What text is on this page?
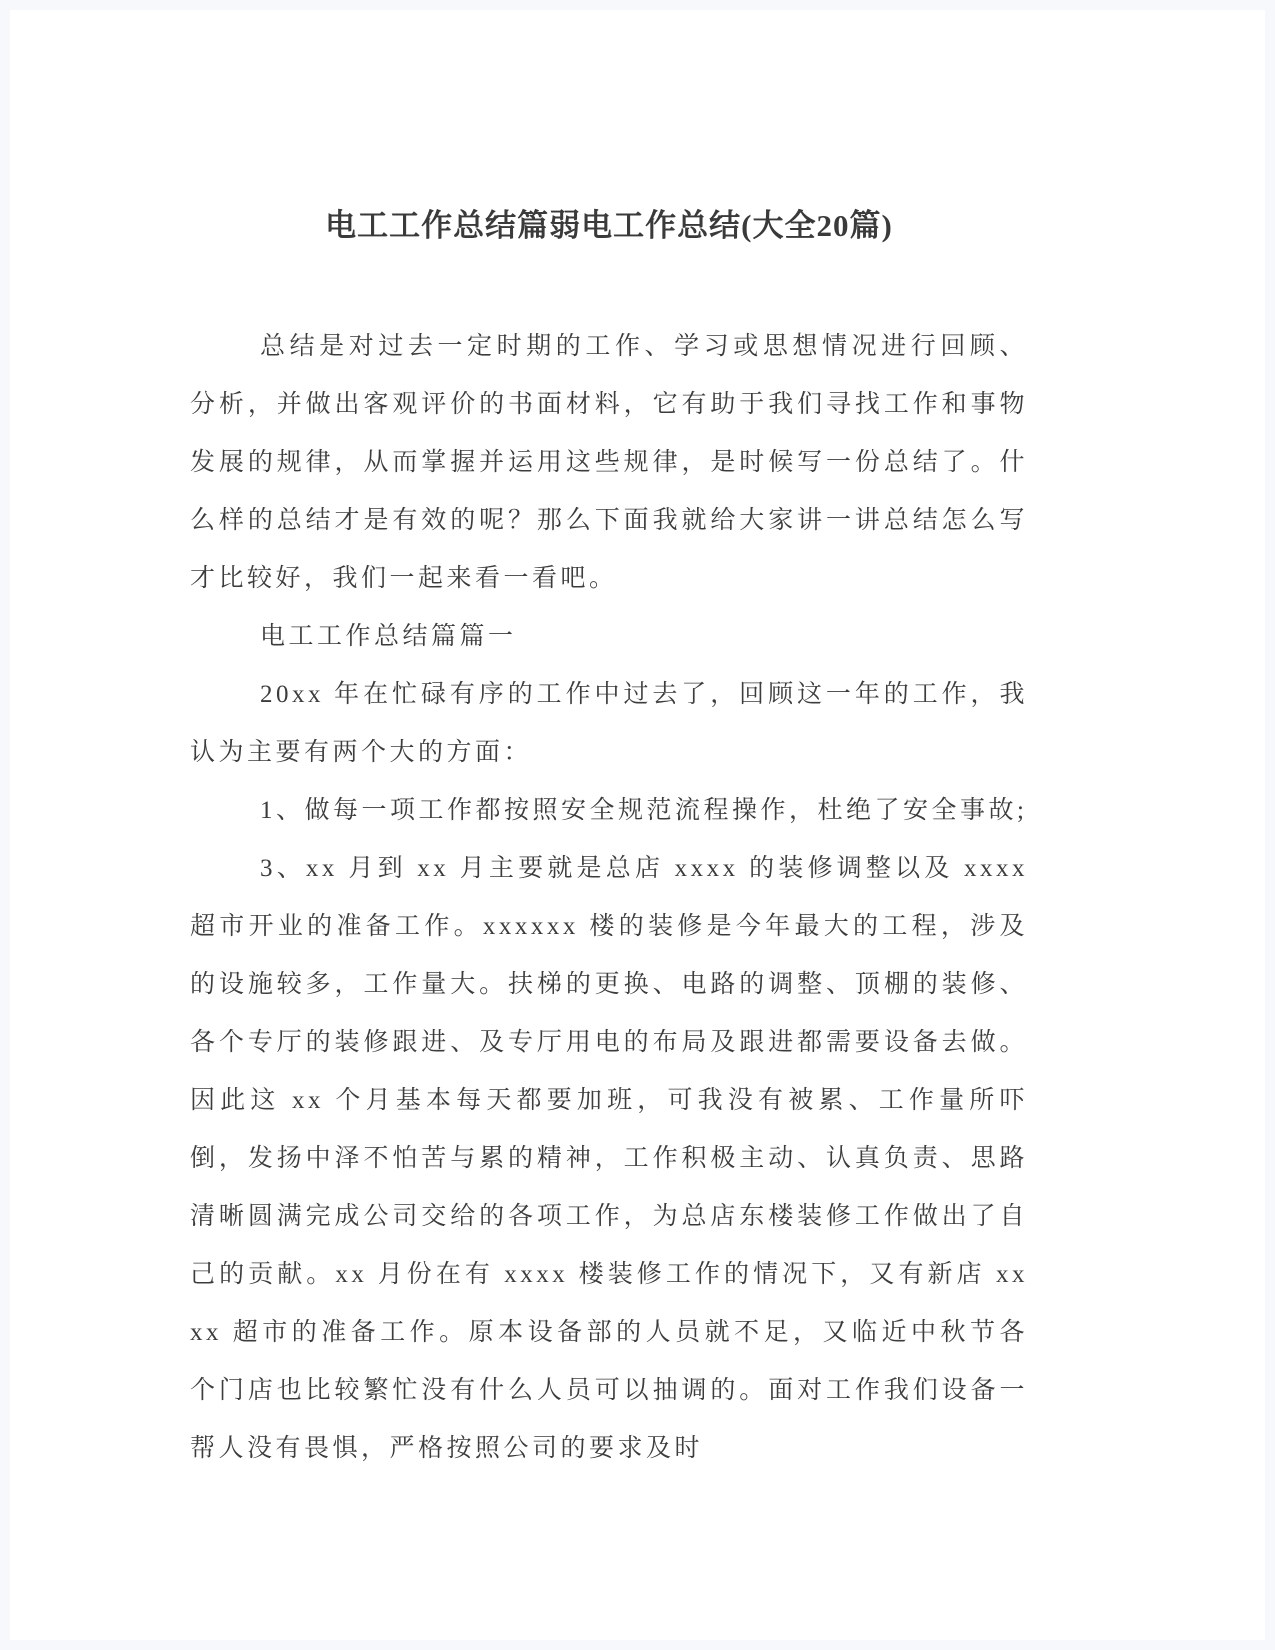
电工工作总结篇弱电工作总结(大全20篇)

总结是对过去一定时期的工作、学习或思想情况进行回顾、分析，并做出客观评价的书面材料，它有助于我们寻找工作和事物发展的规律，从而掌握并运用这些规律，是时候写一份总结了。什么样的总结才是有效的呢？那么下面我就给大家讲一讲总结怎么写才比较好，我们一起来看一看吧。

电工工作总结篇篇一

20xx 年在忙碌有序的工作中过去了，回顾这一年的工作，我认为主要有两个大的方面：

1、做每一项工作都按照安全规范流程操作，杜绝了安全事故;

3、xx 月到 xx 月主要就是总店 xxxx 的装修调整以及 xxxx 超市开业的准备工作。xxxxxx 楼的装修是今年最大的工程，涉及的设施较多，工作量大。扶梯的更换、电路的调整、顶棚的装修、各个专厅的装修跟进、及专厅用电的布局及跟进都需要设备去做。因此这 xx 个月基本每天都要加班，可我没有被累、工作量所吓倒，发扬中泽不怕苦与累的精神，工作积极主动、认真负责、思路清晰圆满完成公司交给的各项工作，为总店东楼装修工作做出了自己的贡献。xx 月份在有 xxxx 楼装修工作的情况下，又有新店 xxxx 超市的准备工作。原本设备部的人员就不足，又临近中秋节各个门店也比较繁忙没有什么人员可以抽调的。面对工作我们设备一帮人没有畏惧，严格按照公司的要求及时
